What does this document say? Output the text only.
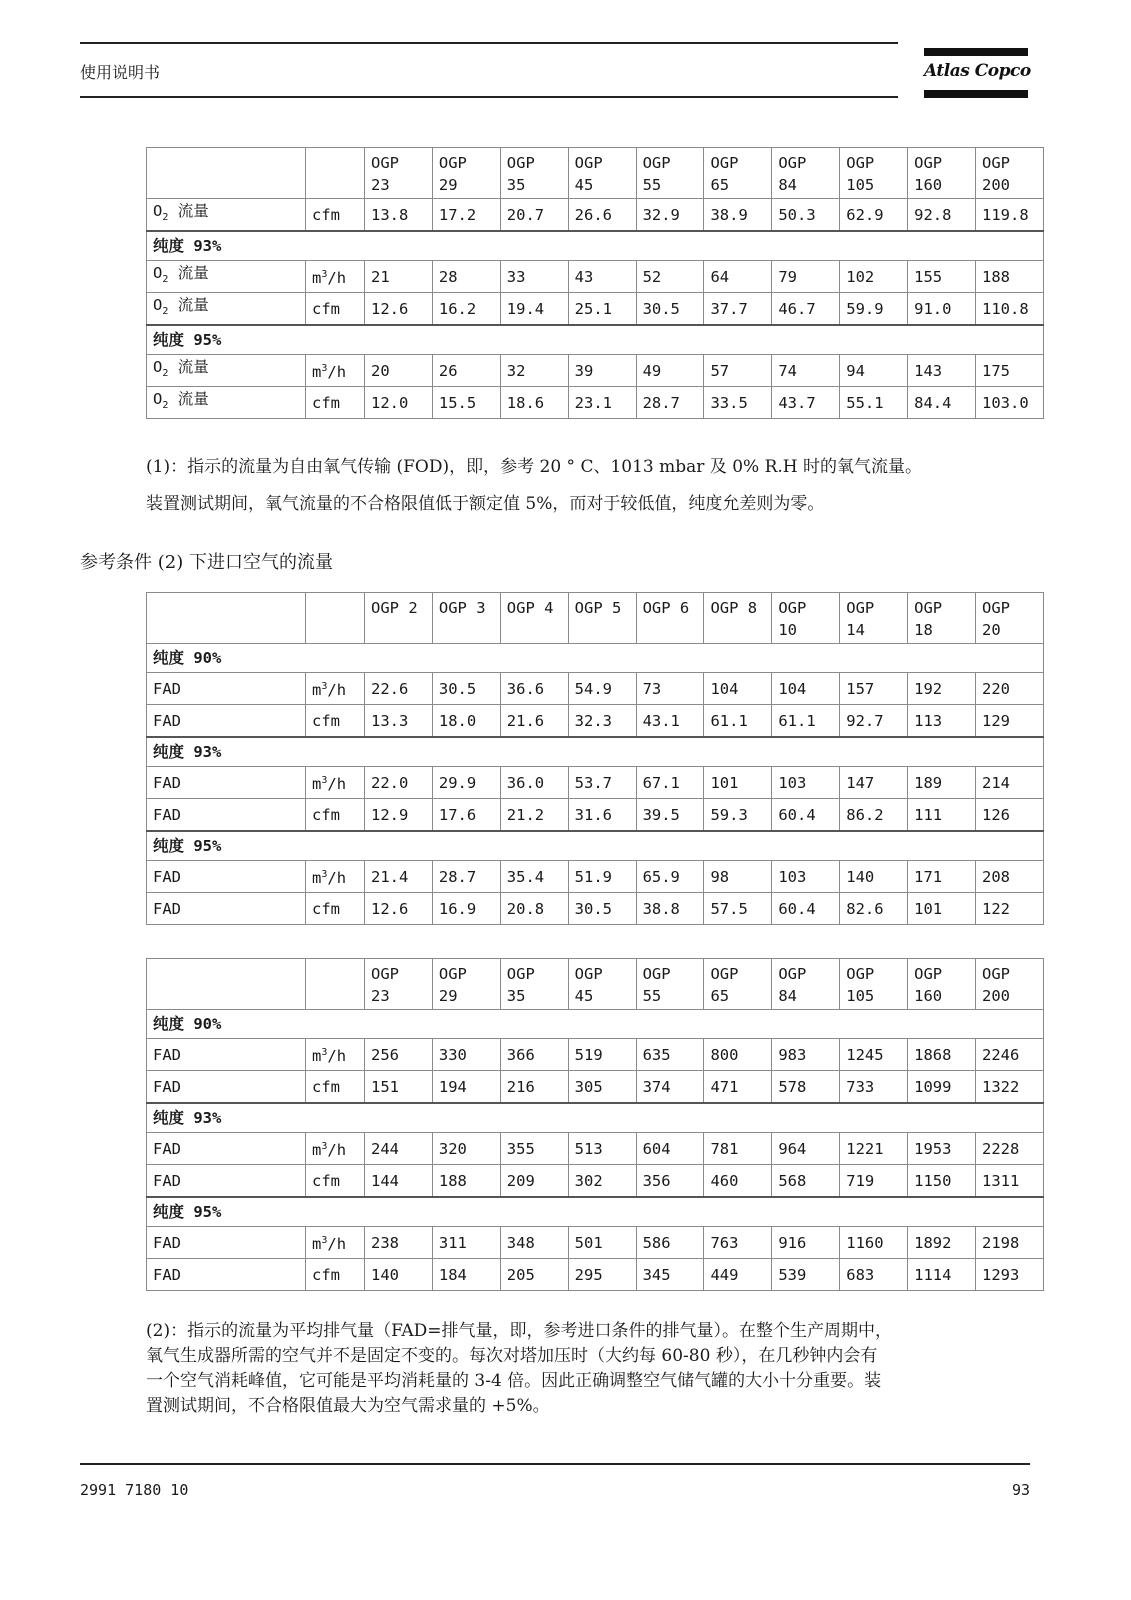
使用说明书	Atlas Copco
		OGP 23	OGP 29	OGP 35	OGP 45	OGP 55	OGP 65	OGP 84	OGP 105	OGP 160	OGP 200
$O_2$ 流量	cfm	13.8	17.2	20.7	26.6	32.9	38.9	50.3	62.9	92.8	119.8
纯度 93%											
$O_2$ 流量	$m^3/h$	21	28	33	43	52	64	79	102	155	188
$O_2$ 流量	cfm	12.6	16.2	19.4	25.1	30.5	37.7	46.7	59.9	91.0	110.8
纯度 95%											
$O_2$ 流量	$m^3/h$	20	26	32	39	49	57	74	94	143	175
$O_2$ 流量	cfm	12.0	15.5	18.6	23.1	28.7	33.5	43.7	55.1	84.4	103.0
(1)：指示的流量为自由氧气传输 (FOD)，即，参考 20 ° C、1013 mbar 及 0% R.H 时的氧气流量。
装置测试期间，氧气流量的不合格限值低于额定值 5%，而对于较低值，纯度允差则为零。
参考条件 (2) 下进口空气的流量
		OGP 2	OGP 3	OGP 4	OGP 5	OGP 6	OGP 8	OGP 10	OGP 14	OGP 18	OGP 20
纯度 90%											
FAD	$m^3/h$	22.6	30.5	36.6	54.9	73	104	104	157	192	220
FAD	cfm	13.3	18.0	21.6	32.3	43.1	61.1	61.1	92.7	113	129
纯度 93%											
FAD	$m^3/h$	22.0	29.9	36.0	53.7	67.1	101	103	147	189	214
FAD	cfm	12.9	17.6	21.2	31.6	39.5	59.3	60.4	86.2	111	126
纯度 95%											
FAD	$m^3/h$	21.4	28.7	35.4	51.9	65.9	98	103	140	171	208
FAD	cfm	12.6	16.9	20.8	30.5	38.8	57.5	60.4	82.6	101	122
		OGP 23	OGP 29	OGP 35	OGP 45	OGP 55	OGP 65	OGP 84	OGP 105	OGP 160	OGP 200
纯度 90%											
FAD	$m^3/h$	256	330	366	519	635	800	983	1245	1868	2246
FAD	cfm	151	194	216	305	374	471	578	733	1099	1322
纯度 93%											
FAD	$m^3/h$	244	320	355	513	604	781	964	1221	1953	2228
FAD	cfm	144	188	209	302	356	460	568	719	1150	1311
纯度 95%											
FAD	$m^3/h$	238	311	348	501	586	763	916	1160	1892	2198
FAD	cfm	140	184	205	295	345	449	539	683	1114	1293
(2)：指示的流量为平均排气量（FAD=排气量，即，参考进口条件的排气量）。在整个生产周期中，
氧气生成器所需的空气并不是固定不变的。每次对塔加压时（大约每 60-80 秒），在几秒钟内会有
一个空气消耗峰值，它可能是平均消耗量的 3-4 倍。因此正确调整空气储气罐的大小十分重要。装
置测试期间，不合格限值最大为空气需求量的 +5%。
2991 7180 10	93
